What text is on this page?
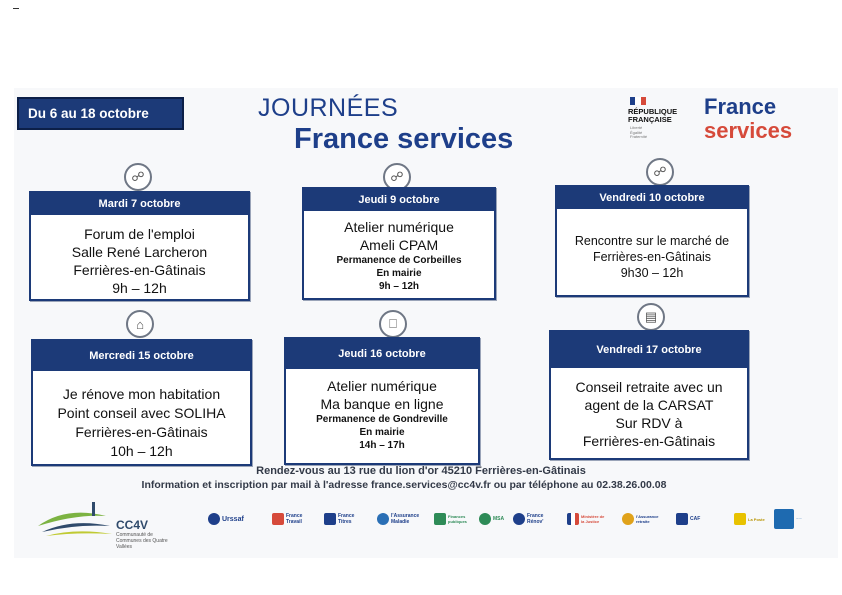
Du 6 au 18 octobre	JOURNÉES
France services
RÉPUBLIQUE
FRANÇAISE
Liberté
Égalité
Fraternité
France
services
☍	☍	☍
⌂	⎕	▤
Mardi 7 octobre
Forum de l'emploi
Salle René Larcheron
Ferrières-en-Gâtinais
9h – 12h
Jeudi 9 octobre
Atelier numérique
Ameli CPAM
Permanence de Corbeilles
En mairie
9h – 12h
Vendredi 10 octobre
Rencontre sur le marché de
Ferrières-en-Gâtinais
9h30 – 12h
Mercredi 15 octobre
Je rénove mon habitation
Point conseil avec SOLIHA
Ferrières-en-Gâtinais
10h – 12h
Jeudi 16 octobre
Atelier numérique
Ma banque en ligne
Permanence de Gondreville
En mairie
14h – 17h
Vendredi 17 octobre
Conseil retraite avec un
agent de la CARSAT
Sur RDV à
Ferrières-en-Gâtinais
Rendez-vous au 13 rue du lion d'or 45210 Ferrières-en-Gâtinais
Information et inscription par mail à l'adresse france.services@cc4v.fr ou par téléphone au 02.38.26.00.08
CC4V
Communauté de Communes des Quatre Vallées
Urssaf	France Travail
France Titres
l'Assurance Maladie
Finances publiques	MSA	France Rénov'
Ministère de la Justice
l'Assurance retraite	CAF	La Poste	Agirc-Arrco
